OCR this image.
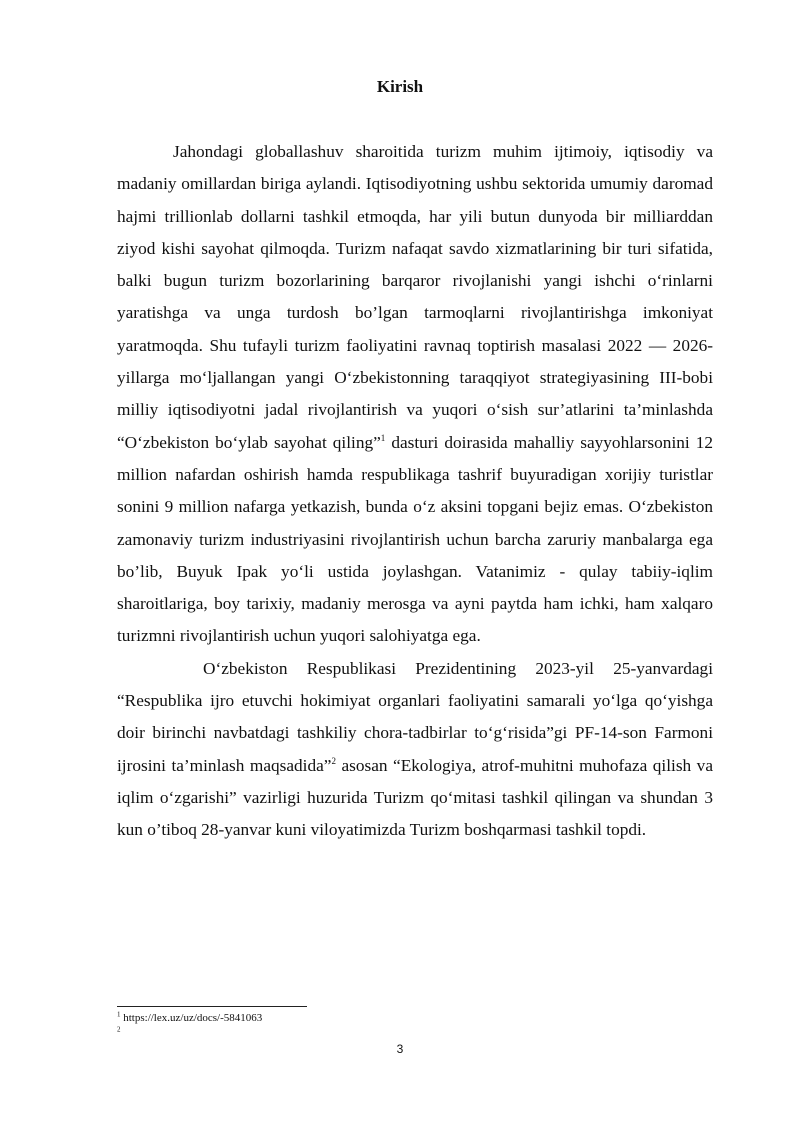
Kirish

Jahondagi globallashuv sharoitida turizm muhim ijtimoiy, iqtisodiy va madaniy omillardan biriga aylandi. Iqtisodiyotning ushbu sektorida umumiy daromad hajmi trillionlab dollarni tashkil etmoqda, har yili butun dunyoda bir milliarddan ziyod kishi sayohat qilmoqda. Turizm nafaqat savdo xizmatlarining bir turi sifatida, balki bugun turizm bozorlarining barqaror rivojlanishi yangi ishchi o‘rinlarni yaratishga va unga turdosh bo’lgan tarmoqlarni rivojlantirishga imkoniyat yaratmoqda. Shu tufayli turizm faoliyatini ravnaq toptirish masalasi 2022 — 2026-yillarga mo‘ljallangan yangi O‘zbekistonning taraqqiyot strategiyasining III-bobi milliy iqtisodiyotni jadal rivojlantirish va yuqori o‘sish sur’atlarini ta’minlashda “O‘zbekiston bo‘ylab sayohat qiling”$^1$ dasturi doirasida mahalliy sayyohlarsonini 12 million nafardan oshirish hamda respublikaga tashrif buyuradigan xorijiy turistlar sonini 9 million nafarga yetkazish, bunda o‘z aksini topgani bejiz emas. O‘zbekiston zamonaviy turizm industriyasini rivojlantirish uchun barcha zaruriy manbalarga ega bo’lib, Buyuk Ipak yo‘li ustida joylashgan. Vatanimiz - qulay tabiiy-iqlim sharoitlariga, boy tarixiy, madaniy merosga va ayni paytda ham ichki, ham xalqaro turizmni rivojlantirish uchun yuqori salohiyatga ega.

O‘zbekiston Respublikasi Prezidentining 2023-yil 25-yanvardagi “Respublika ijro etuvchi hokimiyat organlari faoliyatini samarali yo‘lga qo‘yishga doir birinchi navbatdagi tashkiliy chora-tadbirlar to‘g‘risida”gi PF-14-son Farmoni ijrosini ta’minlash maqsadida”$^2$ asosan “Ekologiya, atrof-muhitni muhofaza qilish va iqlim o‘zgarishi” vazirligi huzurida Turizm qo‘mitasi tashkil qilingan va shundan 3 kun o’tiboq 28-yanvar kuni viloyatimizda Turizm boshqarmasi tashkil topdi.

$^1$ https://lex.uz/uz/docs/-5841063
$^2$
3
